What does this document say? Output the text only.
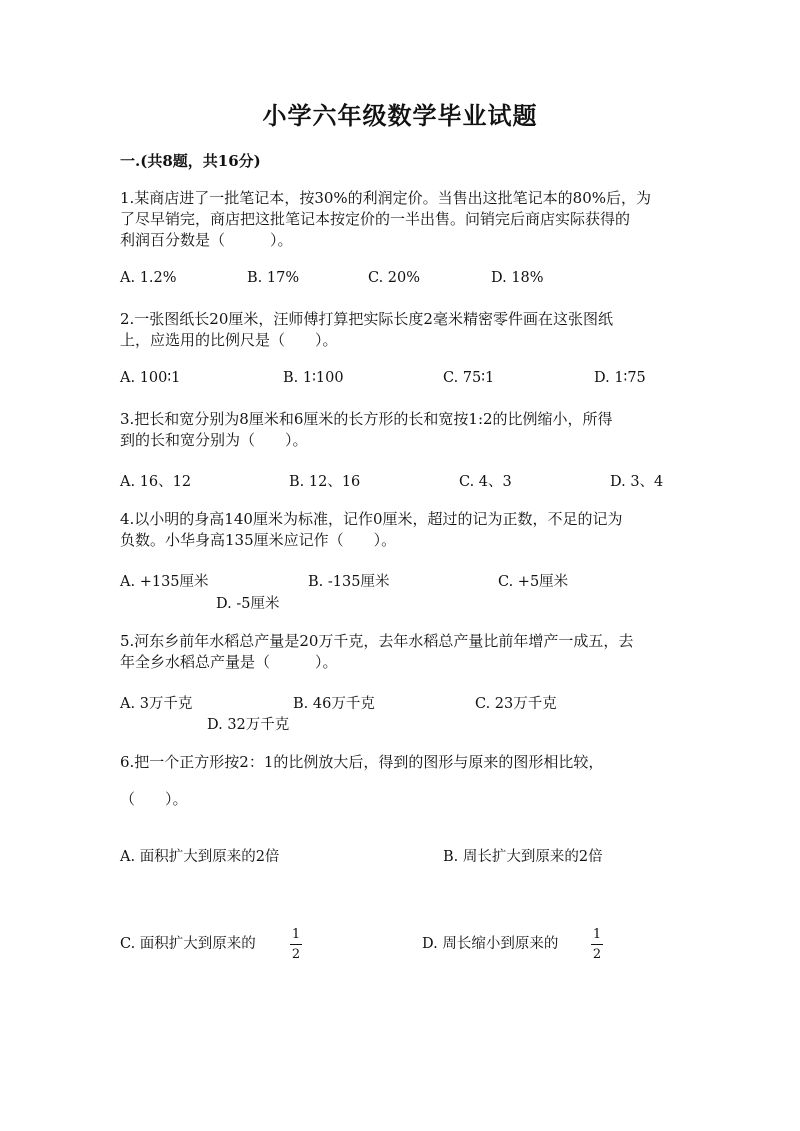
小学六年级数学毕业试题
一.(共8题，共16分)
1.某商店进了一批笔记本，按30%的利润定价。当售出这批笔记本的80%后，为
了尽早销完，商店把这批笔记本按定价的一半出售。问销完后商店实际获得的
利润百分数是（　　　）。
A. 1.2%	B. 17%	C. 20%	D. 18%
2.一张图纸长20厘米，汪师傅打算把实际长度2毫米精密零件画在这张图纸
上，应选用的比例尺是（　　）。
A. 100∶1	B. 1∶100	C. 75∶1	D. 1∶75
3.把长和宽分别为8厘米和6厘米的长方形的长和宽按1:2的比例缩小，所得
到的长和宽分别为（　　）。
A. 16、12	B. 12、16	C. 4、3	D. 3、4
4.以小明的身高140厘米为标准，记作0厘米，超过的记为正数，不足的记为
负数。小华身高135厘米应记作（　　）。
A. +135厘米	B. -135厘米	C. +5厘米
D. -5厘米
5.河东乡前年水稻总产量是20万千克，去年水稻总产量比前年增产一成五，去
年全乡水稻总产量是（　　　）。
A. 3万千克	B. 46万千克	C. 23万千克
D. 32万千克
6.把一个正方形按2：1的比例放大后，得到的图形与原来的图形相比较，
（　　）。
A. 面积扩大到原来的2倍	B. 周长扩大到原来的2倍
C. 面积扩大到原来的
1
2
D. 周长缩小到原来的
1
2
